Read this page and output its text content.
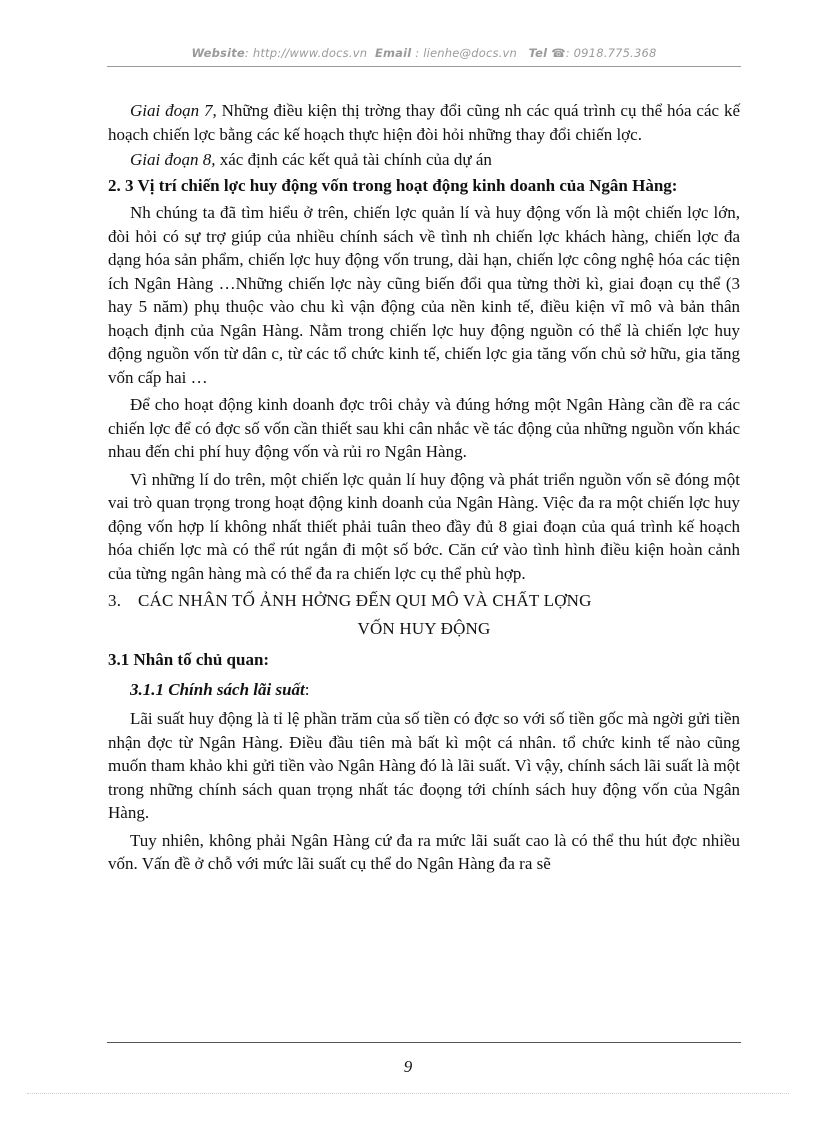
Website: http://www.docs.vn Email : lienhe@docs.vn Tel ☎: 0918.775.368

Giai đoạn 7, Những điều kiện thị trờng thay đổi cũng nh các quá trình cụ thể hóa các kế hoạch chiến lợc bằng các kế hoạch thực hiện đòi hỏi những thay đổi chiến lợc.

Giai đoạn 8, xác định các kết quả tài chính của dự án

2. 3 Vị trí chiến lợc huy động vốn trong hoạt động kinh doanh của Ngân Hàng:

Nh chúng ta đã tìm hiểu ở trên, chiến lợc quản lí và huy động vốn là một chiến lợc lớn, đòi hỏi có sự trợ giúp của nhiều chính sách về tình nh chiến lợc khách hàng, chiến lợc đa dạng hóa sản phẩm, chiến lợc huy động vốn trung, dài hạn, chiến lợc công nghệ hóa các tiện ích Ngân Hàng …Những chiến lợc này cũng biến đổi qua từng thời kì, giai đoạn cụ thể (3 hay 5 năm) phụ thuộc vào chu kì vận động của nền kinh tế, điều kiện vĩ mô và bản thân hoạch định của Ngân Hàng. Nằm trong chiến lợc huy động nguồn có thể là chiến lợc huy động nguồn vốn từ dân c, từ các tổ chức kinh tế, chiến lợc gia tăng vốn chủ sở hữu, gia tăng vốn cấp hai …

Để cho hoạt động kinh doanh đợc trôi chảy và đúng hớng một Ngân Hàng cần đề ra các chiến lợc để có đợc số vốn cần thiết sau khi cân nhắc về tác động của những nguồn vốn khác nhau đến chi phí huy động vốn và rủi ro Ngân Hàng.

Vì những lí do trên, một chiến lợc quản lí huy động và phát triển nguồn vốn sẽ đóng một vai trò quan trọng trong hoạt động kinh doanh của Ngân Hàng. Việc đa ra một chiến lợc huy động vốn hợp lí không nhất thiết phải tuân theo đầy đủ 8 giai đoạn của quá trình kế hoạch hóa chiến lợc mà có thể rút ngắn đi một số bớc. Căn cứ vào tình hình điều kiện hoàn cảnh của từng ngân hàng mà có thể đa ra chiến lợc cụ thể phù hợp.

3. CÁC NHÂN TỐ ẢNH HỞNG ĐẾN QUI MÔ VÀ CHẤT LỢNG

VỐN HUY ĐỘNG

3.1 Nhân tố chủ quan:

3.1.1 Chính sách lãi suất:

Lãi suất huy động là tỉ lệ phần trăm của số tiền có đợc so với số tiền gốc mà ngời gửi tiền nhận đợc từ Ngân Hàng. Điều đầu tiên mà bất kì một cá nhân. tổ chức kinh tế nào cũng muốn tham khảo khi gửi tiền vào Ngân Hàng đó là lãi suất. Vì vậy, chính sách lãi suất là một trong những chính sách quan trọng nhất tác đoọng tới chính sách huy động vốn của Ngân Hàng.

Tuy nhiên, không phải Ngân Hàng cứ đa ra mức lãi suất cao là có thể thu hút đợc nhiều vốn. Vấn đề ở chỗ với mức lãi suất cụ thể do Ngân Hàng đa ra sẽ

9
